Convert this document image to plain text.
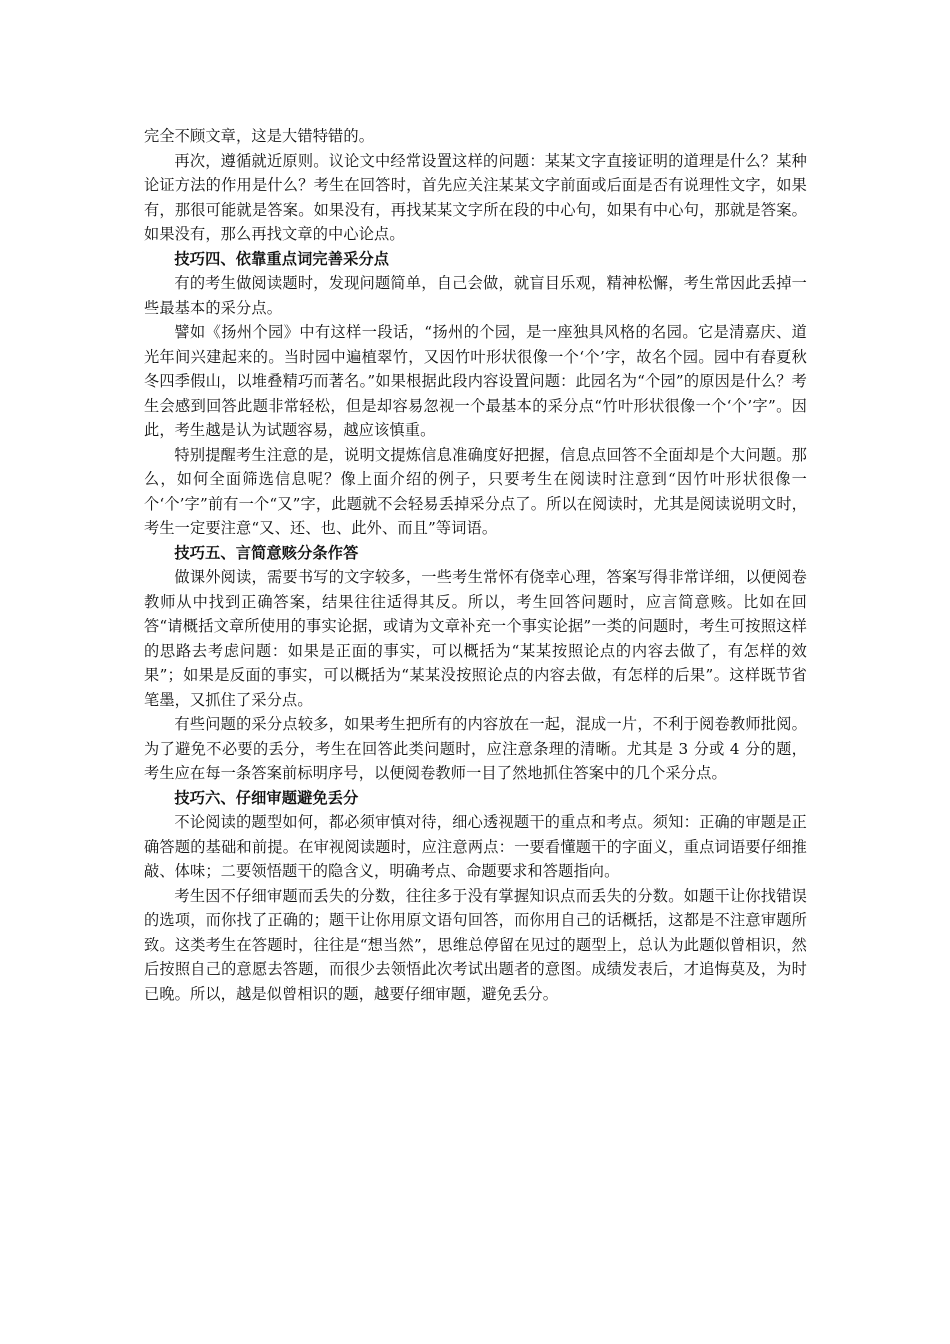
完全不顾文章，这是大错特错的。

再次，遵循就近原则。议论文中经常设置这样的问题：某某文字直接证明的道理是什么？某种论证方法的作用是什么？考生在回答时，首先应关注某某文字前面或后面是否有说理性文字，如果有，那很可能就是答案。如果没有，再找某某文字所在段的中心句，如果有中心句，那就是答案。如果没有，那么再找文章的中心论点。

技巧四、依靠重点词完善采分点

有的考生做阅读题时，发现问题简单，自己会做，就盲目乐观，精神松懈，考生常因此丢掉一些最基本的采分点。

譬如《扬州个园》中有这样一段话，“扬州的个园，是一座独具风格的名园。它是清嘉庆、道光年间兴建起来的。当时园中遍植翠竹，又因竹叶形状很像一个‘个’字，故名个园。园中有春夏秋冬四季假山，以堆叠精巧而著名。”如果根据此段内容设置问题：此园名为“个园”的原因是什么？考生会感到回答此题非常轻松，但是却容易忽视一个最基本的采分点“竹叶形状很像一个‘个’字”。因此，考生越是认为试题容易，越应该慎重。

特别提醒考生注意的是，说明文提炼信息准确度好把握，信息点回答不全面却是个大问题。那么，如何全面筛选信息呢？像上面介绍的例子，只要考生在阅读时注意到“因竹叶形状很像一个‘个’字”前有一个“又”字，此题就不会轻易丢掉采分点了。所以在阅读时，尤其是阅读说明文时，考生一定要注意“又、还、也、此外、而且”等词语。

技巧五、言简意赅分条作答

做课外阅读，需要书写的文字较多，一些考生常怀有侥幸心理，答案写得非常详细，以便阅卷教师从中找到正确答案，结果往往适得其反。所以，考生回答问题时，应言简意赅。比如在回答“请概括文章所使用的事实论据，或请为文章补充一个事实论据”一类的问题时，考生可按照这样的思路去考虑问题：如果是正面的事实，可以概括为“某某按照论点的内容去做了，有怎样的效果”；如果是反面的事实，可以概括为“某某没按照论点的内容去做，有怎样的后果”。这样既节省笔墨，又抓住了采分点。

有些问题的采分点较多，如果考生把所有的内容放在一起，混成一片，不利于阅卷教师批阅。为了避免不必要的丢分，考生在回答此类问题时，应注意条理的清晰。尤其是 3 分或 4 分的题，考生应在每一条答案前标明序号，以便阅卷教师一目了然地抓住答案中的几个采分点。

技巧六、仔细审题避免丢分

不论阅读的题型如何，都必须审慎对待，细心透视题干的重点和考点。须知：正确的审题是正确答题的基础和前提。在审视阅读题时，应注意两点：一要看懂题干的字面义，重点词语要仔细推敲、体味；二要领悟题干的隐含义，明确考点、命题要求和答题指向。

考生因不仔细审题而丢失的分数，往往多于没有掌握知识点而丢失的分数。如题干让你找错误的选项，而你找了正确的；题干让你用原文语句回答，而你用自己的话概括，这都是不注意审题所致。这类考生在答题时，往往是“想当然”，思维总停留在见过的题型上，总认为此题似曾相识，然后按照自己的意愿去答题，而很少去领悟此次考试出题者的意图。成绩发表后，才追悔莫及，为时已晚。所以，越是似曾相识的题，越要仔细审题，避免丢分。
